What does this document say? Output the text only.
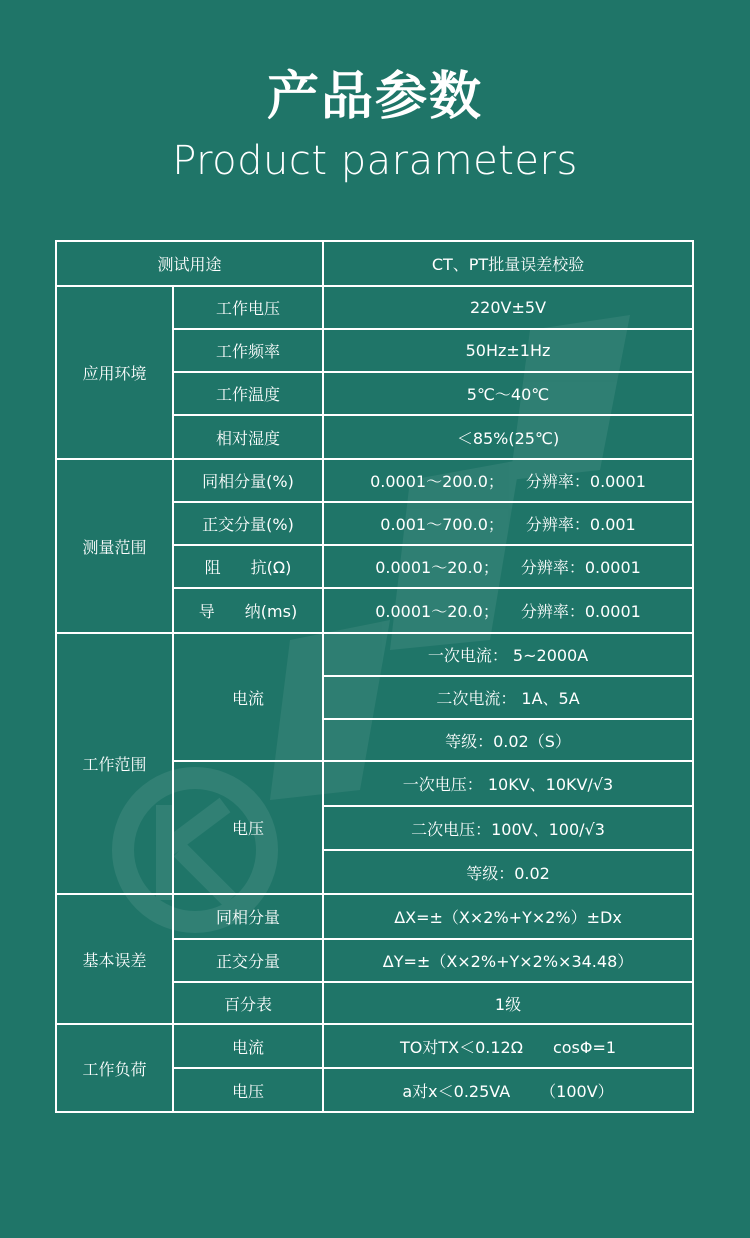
产品参数
Product parameters
测试用途		CT、PT批量误差校验
应用环境	工作电压	220V±5V
	工作频率	50Hz±1Hz
	工作温度	5℃～40℃
	相对湿度	＜85%(25℃)
测量范围	同相分量(%)	0.0001～200.0； 分辨率：0.0001
	正交分量(%)	0.001～700.0； 分辨率：0.001
	阻 抗(Ω)	0.0001～20.0； 分辨率：0.0001
	导 纳(ms)	0.0001～20.0； 分辨率：0.0001
工作范围	电流	一次电流： 5~2000A
		二次电流： 1A、5A
		等级：0.02（S）
	电压	一次电压： 10KV、10KV/√3
		二次电压：100V、100/√3
		等级：0.02
基本误差	同相分量	ΔX=±（X×2%+Y×2%）±Dx
	正交分量	ΔY=±（X×2%+Y×2%×34.48）
	百分表	1级
工作负荷	电流	TO对TX＜0.12Ω cosΦ=1
	电压	a对x＜0.25VA （100V）
